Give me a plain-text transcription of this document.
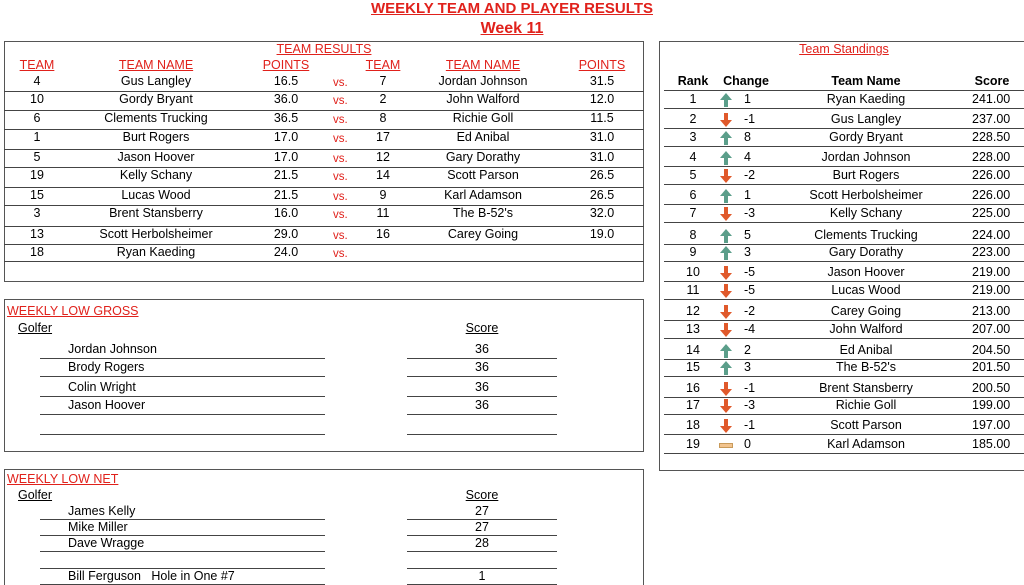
WEEKLY TEAM AND PLAYER RESULTS
Week 11
TEAM RESULTS
TEAM	TEAM NAME	POINTS	TEAM	TEAM NAME	POINTS
4	Gus Langley	16.5	vs.	7	Jordan Johnson	31.5
10	Gordy Bryant	36.0	vs.	2	John Walford	12.0
6	Clements Trucking	36.5	vs.	8	Richie Goll	11.5
1	Burt Rogers	17.0	vs.	17	Ed Anibal	31.0
5	Jason Hoover	17.0	vs.	12	Gary Dorathy	31.0
19	Kelly Schany	21.5	vs.	14	Scott Parson	26.5
15	Lucas Wood	21.5	vs.	9	Karl Adamson	26.5
3	Brent Stansberry	16.0	vs.	11	The B-52's	32.0
13	Scott Herbolsheimer	29.0	vs.	16	Carey Going	19.0
18	Ryan Kaeding	24.0	vs.
WEEKLY LOW GROSS
Golfer	Score
Jordan Johnson	36
Brody Rogers	36
Colin Wright	36
Jason Hoover	36
WEEKLY LOW NET
Golfer	Score
James Kelly	27
Mike Miller	27
Dave Wragge	28
Bill Ferguson   Hole in One #7	1
Team Standings
Rank	Change	Team Name	Score
1	1	Ryan Kaeding	241.00
2	-1	Gus Langley	237.00
3	8	Gordy Bryant	228.50
4	4	Jordan Johnson	228.00
5	-2	Burt Rogers	226.00
6	1	Scott Herbolsheimer	226.00
7	-3	Kelly Schany	225.00
8	5	Clements Trucking	224.00
9	3	Gary Dorathy	223.00
10	-5	Jason Hoover	219.00
11	-5	Lucas Wood	219.00
12	-2	Carey Going	213.00
13	-4	John Walford	207.00
14	2	Ed Anibal	204.50
15	3	The B-52's	201.50
16	-1	Brent Stansberry	200.50
17	-3	Richie Goll	199.00
18	-1	Scott Parson	197.00
19	0	Karl Adamson	185.00
